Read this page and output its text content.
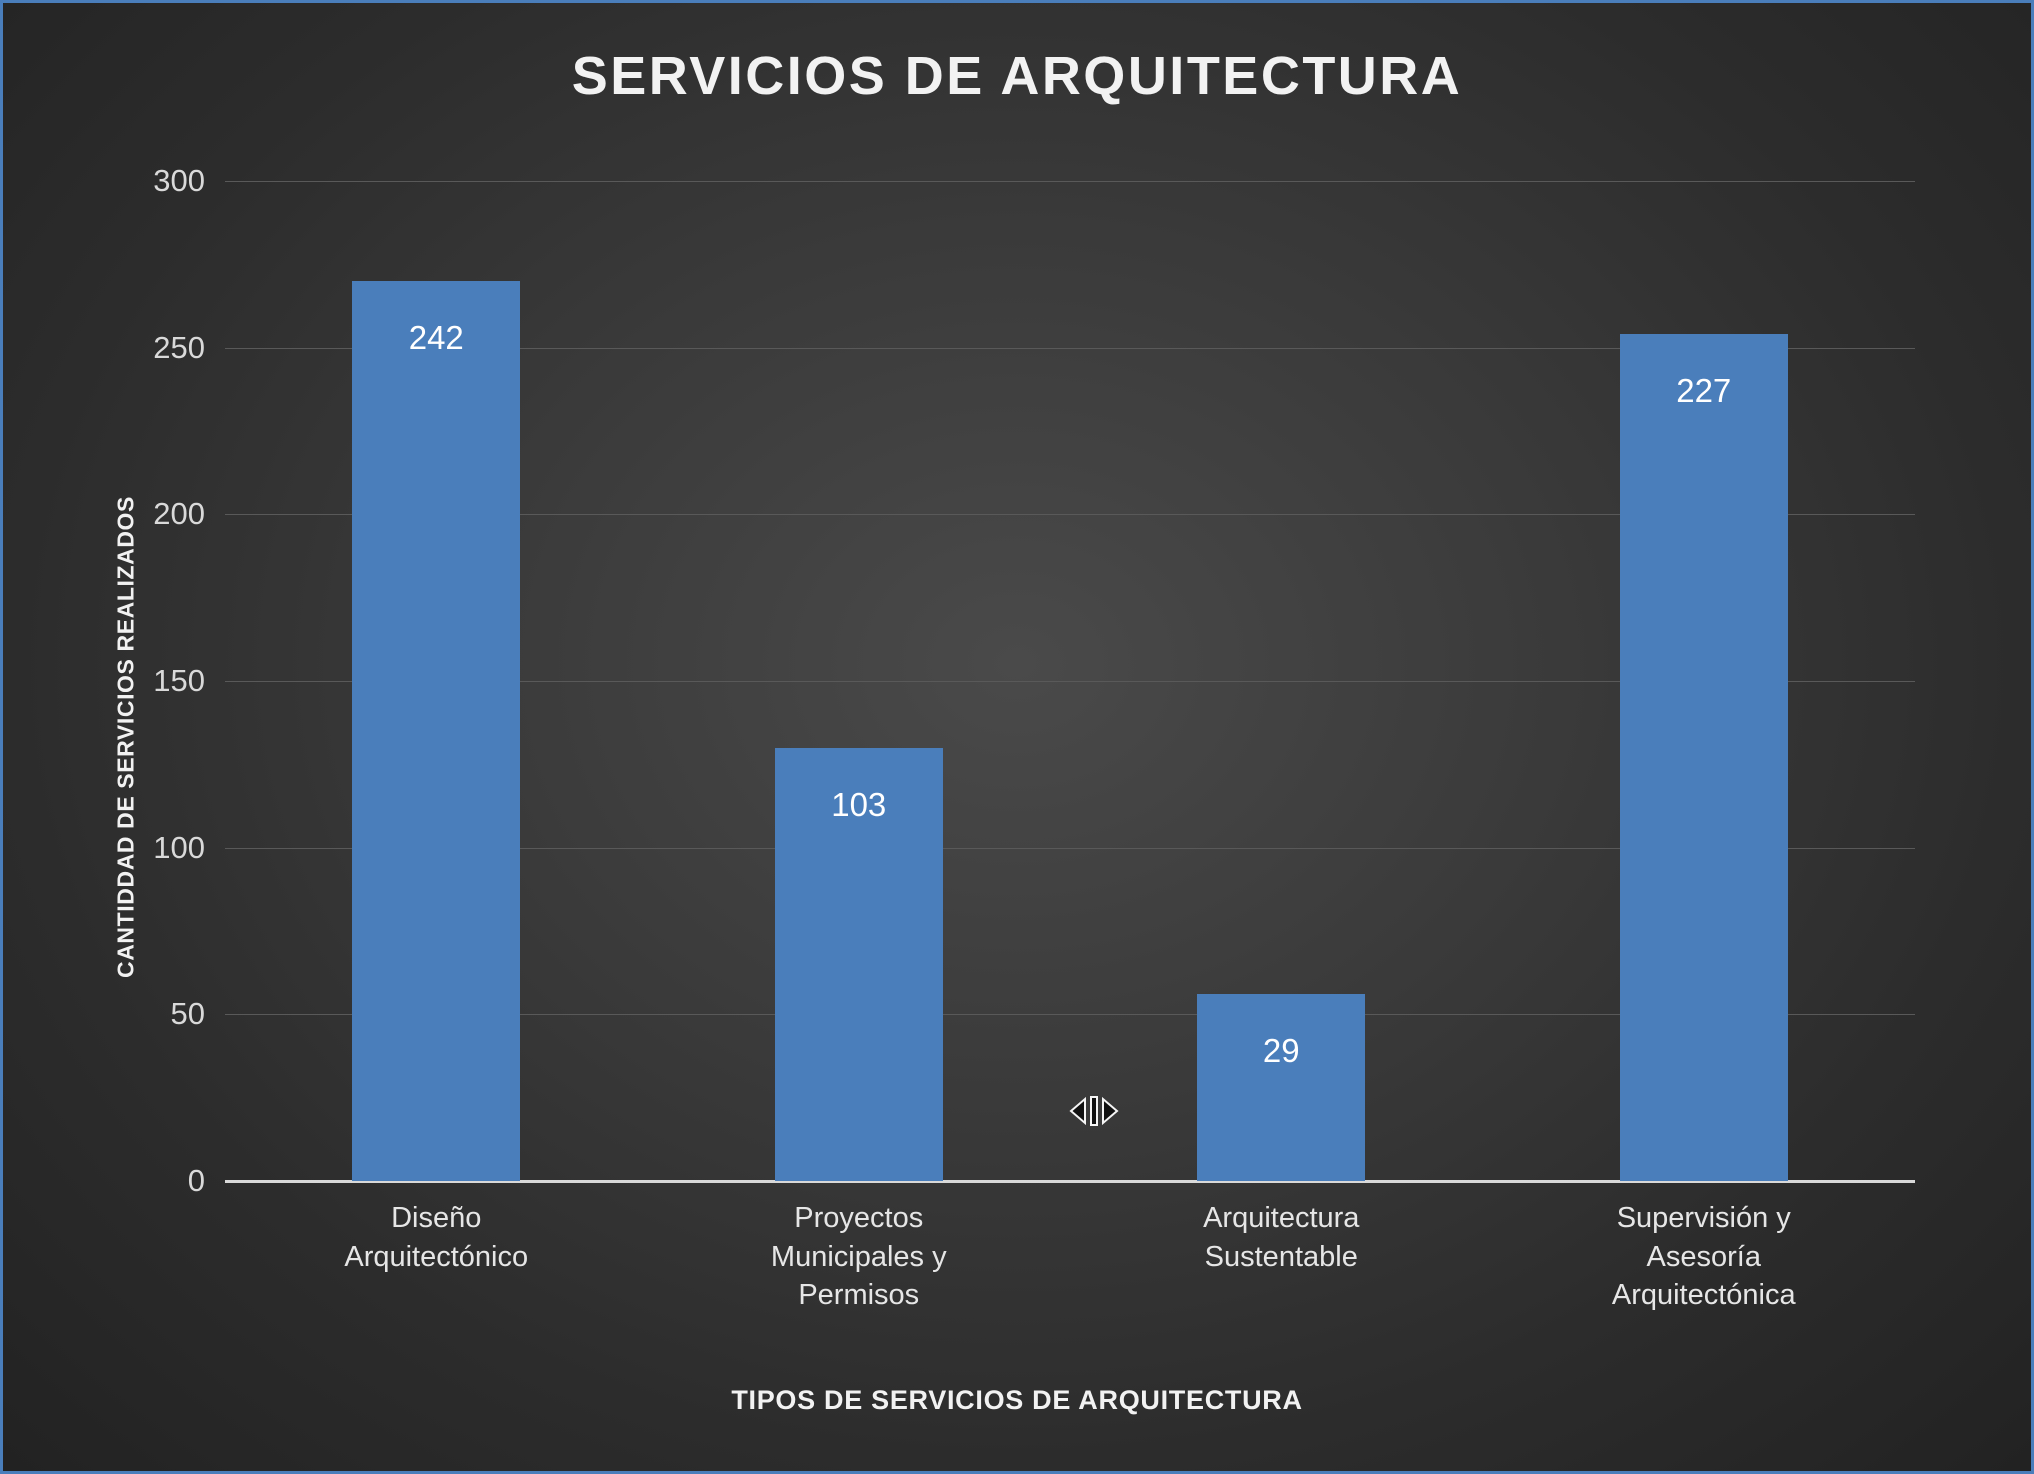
SERVICIOS DE ARQUITECTURA
CANTIDDAD DE SERVICIOS REALIZADOS
0
50
100
150
200
250
300
242
103
29
227
Diseño
Arquitectónico
Proyectos
Municipales y
Permisos
Arquitectura
Sustentable
Supervisión y
Asesoría
Arquitectónica
TIPOS DE SERVICIOS DE ARQUITECTURA
